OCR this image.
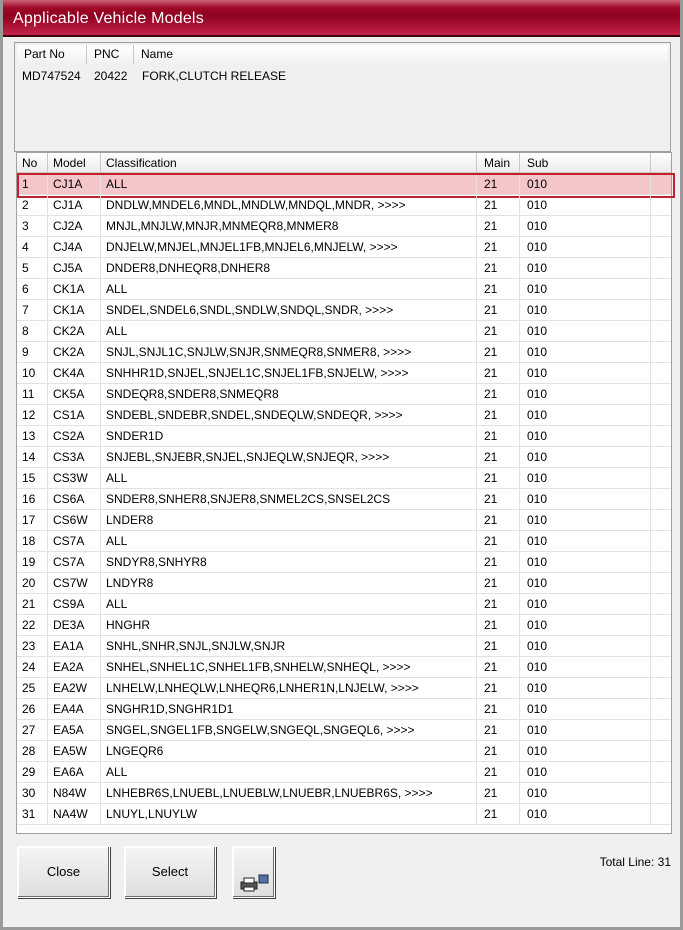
Applicable Vehicle Models
Part No	PNC	Name
MD747524	20422	FORK,CLUTCH RELEASE
No	Model	Classification	Main	Sub
1	CJ1A	ALL	21	010
2	CJ1A	DNDLW,MNDEL6,MNDL,MNDLW,MNDQL,MNDR, >>>>	21	010
3	CJ2A	MNJL,MNJLW,MNJR,MNMEQR8,MNMER8	21	010
4	CJ4A	DNJELW,MNJEL,MNJEL1FB,MNJEL6,MNJELW, >>>>	21	010
5	CJ5A	DNDER8,DNHEQR8,DNHER8	21	010
6	CK1A	ALL	21	010
7	CK1A	SNDEL,SNDEL6,SNDL,SNDLW,SNDQL,SNDR, >>>>	21	010
8	CK2A	ALL	21	010
9	CK2A	SNJL,SNJL1C,SNJLW,SNJR,SNMEQR8,SNMER8, >>>>	21	010
10	CK4A	SNHHR1D,SNJEL,SNJEL1C,SNJEL1FB,SNJELW, >>>>	21	010
11	CK5A	SNDEQR8,SNDER8,SNMEQR8	21	010
12	CS1A	SNDEBL,SNDEBR,SNDEL,SNDEQLW,SNDEQR, >>>>	21	010
13	CS2A	SNDER1D	21	010
14	CS3A	SNJEBL,SNJEBR,SNJEL,SNJEQLW,SNJEQR, >>>>	21	010
15	CS3W	ALL	21	010
16	CS6A	SNDER8,SNHER8,SNJER8,SNMEL2CS,SNSEL2CS	21	010
17	CS6W	LNDER8	21	010
18	CS7A	ALL	21	010
19	CS7A	SNDYR8,SNHYR8	21	010
20	CS7W	LNDYR8	21	010
21	CS9A	ALL	21	010
22	DE3A	HNGHR	21	010
23	EA1A	SNHL,SNHR,SNJL,SNJLW,SNJR	21	010
24	EA2A	SNHEL,SNHEL1C,SNHEL1FB,SNHELW,SNHEQL, >>>>	21	010
25	EA2W	LNHELW,LNHEQLW,LNHEQR6,LNHER1N,LNJELW, >>>>	21	010
26	EA4A	SNGHR1D,SNGHR1D1	21	010
27	EA5A	SNGEL,SNGEL1FB,SNGELW,SNGEQL,SNGEQL6, >>>>	21	010
28	EA5W	LNGEQR6	21	010
29	EA6A	ALL	21	010
30	N84W	LNHEBR6S,LNUEBL,LNUEBLW,LNUEBR,LNUEBR6S, >>>>	21	010
31	NA4W	LNUYL,LNUYLW	21	010
Close	Select
Total Line: 31
